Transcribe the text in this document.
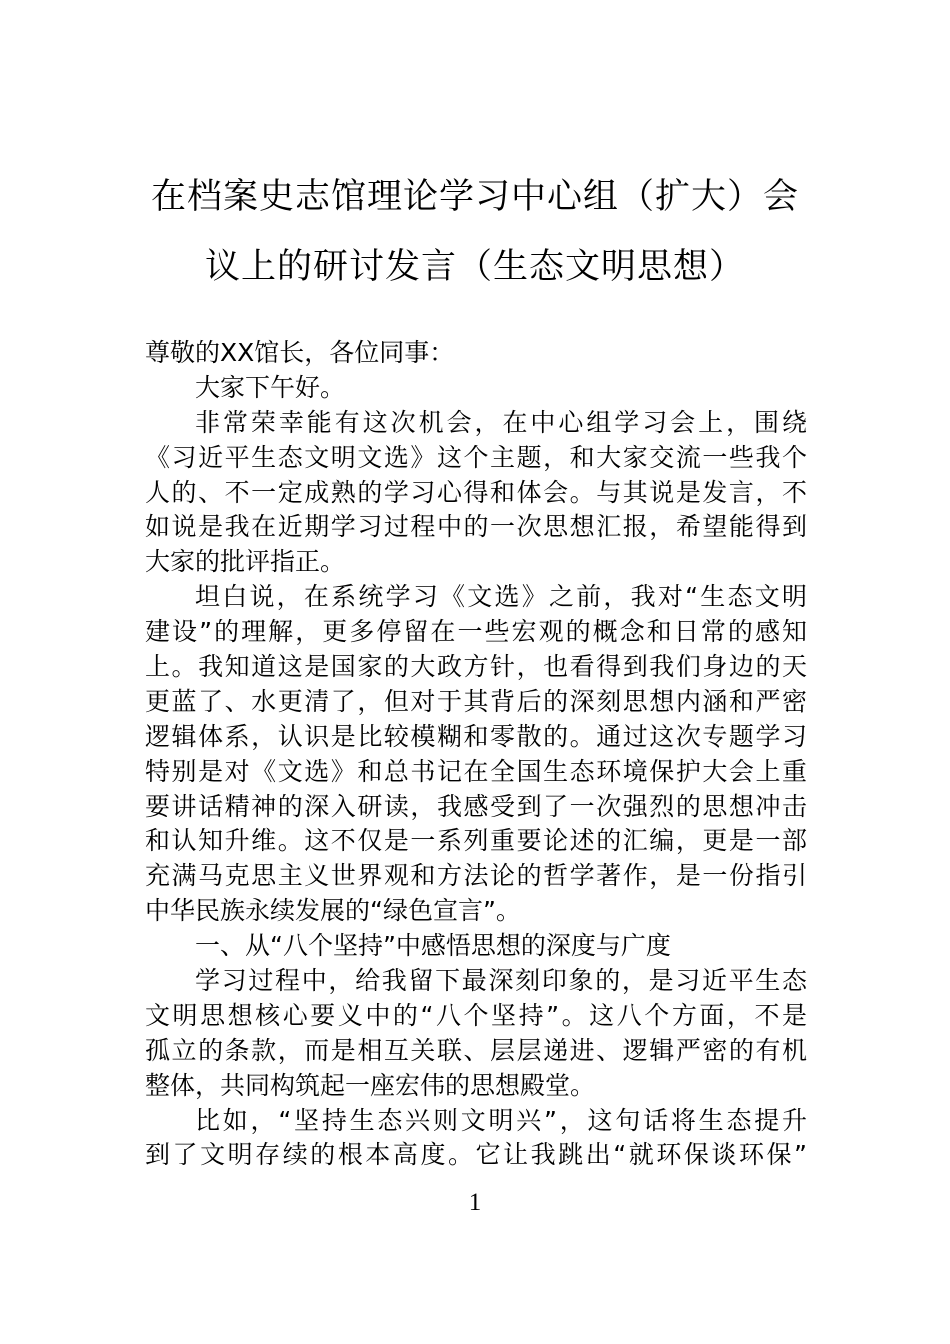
在档案史志馆理论学习中心组（扩大）会
议上的研讨发言（生态文明思想）
尊敬的XX馆长，各位同事：
大家下午好。
非常荣幸能有这次机会，在中心组学习会上，围绕
《习近平生态文明文选》这个主题，和大家交流一些我个
人的、不一定成熟的学习心得和体会。与其说是发言，不
如说是我在近期学习过程中的一次思想汇报，希望能得到
大家的批评指正。
坦白说，在系统学习《文选》之前，我对“生态文明
建设”的理解，更多停留在一些宏观的概念和日常的感知
上。我知道这是国家的大政方针，也看得到我们身边的天
更蓝了、水更清了，但对于其背后的深刻思想内涵和严密
逻辑体系，认识是比较模糊和零散的。通过这次专题学习
特别是对《文选》和总书记在全国生态环境保护大会上重
要讲话精神的深入研读，我感受到了一次强烈的思想冲击
和认知升维。这不仅是一系列重要论述的汇编，更是一部
充满马克思主义世界观和方法论的哲学著作，是一份指引
中华民族永续发展的“绿色宣言”。
一、从“八个坚持”中感悟思想的深度与广度
学习过程中，给我留下最深刻印象的，是习近平生态
文明思想核心要义中的“八个坚持”。这八个方面，不是
孤立的条款，而是相互关联、层层递进、逻辑严密的有机
整体，共同构筑起一座宏伟的思想殿堂。
比如，“坚持生态兴则文明兴”，这句话将生态提升
到了文明存续的根本高度。它让我跳出“就环保谈环保”
1
